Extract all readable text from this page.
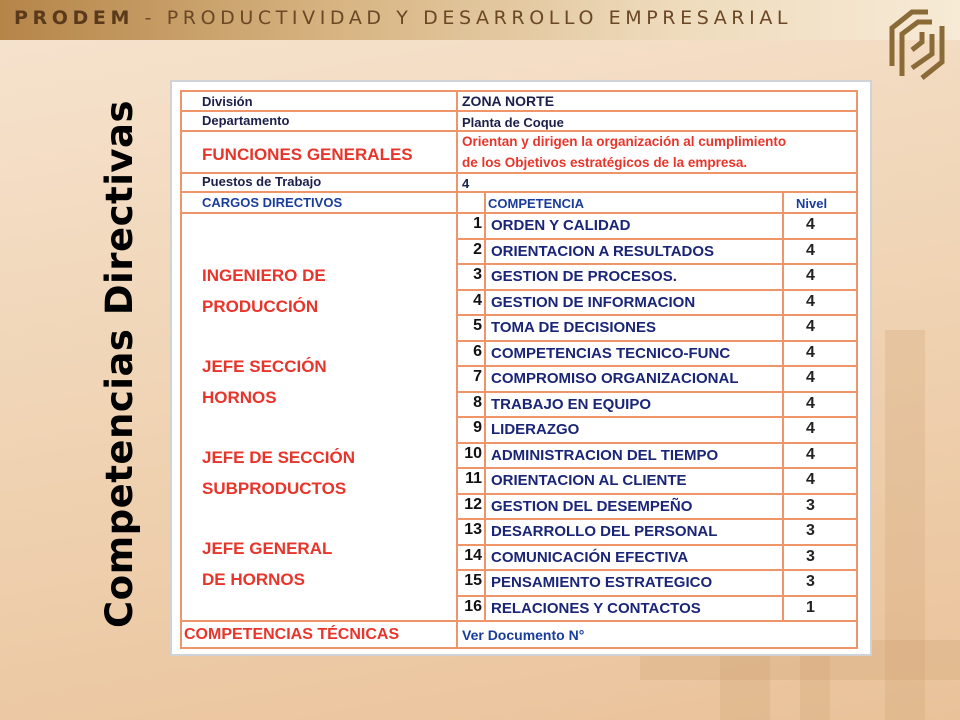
PRODEM - PRODUCTIVIDAD Y DESARROLLO EMPRESARIAL
Competencias Directivas	División	ZONA NORTE
Departamento	Planta de Coque
FUNCIONES GENERALES
Orientan y dirigen la organización al cumplimiento
de los Objetivos estratégicos de la empresa.
Puestos de Trabajo	4
CARGOS DIRECTIVOS	COMPETENCIA	Nivel
INGENIERO DE
PRODUCCIÓN
JEFE SECCIÓN
HORNOS
JEFE DE SECCIÓN
SUBPRODUCTOS
JEFE GENERAL
DE HORNOS
1 ORDEN Y CALIDAD	4
2 ORIENTACION A RESULTADOS	4
3 GESTION DE PROCESOS.	4
4 GESTION DE INFORMACION	4
5 TOMA DE DECISIONES	4
6 COMPETENCIAS TECNICO-FUNC	4
7 COMPROMISO ORGANIZACIONAL	4
8 TRABAJO EN EQUIPO	4
9 LIDERAZGO	4
10 ADMINISTRACION DEL TIEMPO	4
11 ORIENTACION AL CLIENTE	4
12 GESTION DEL DESEMPEÑO	3
13 DESARROLLO DEL PERSONAL	3
14 COMUNICACIÓN EFECTIVA	3
15 PENSAMIENTO ESTRATEGICO	3
16 RELACIONES Y CONTACTOS	1
COMPETENCIAS TÉCNICAS	Ver Documento N°
